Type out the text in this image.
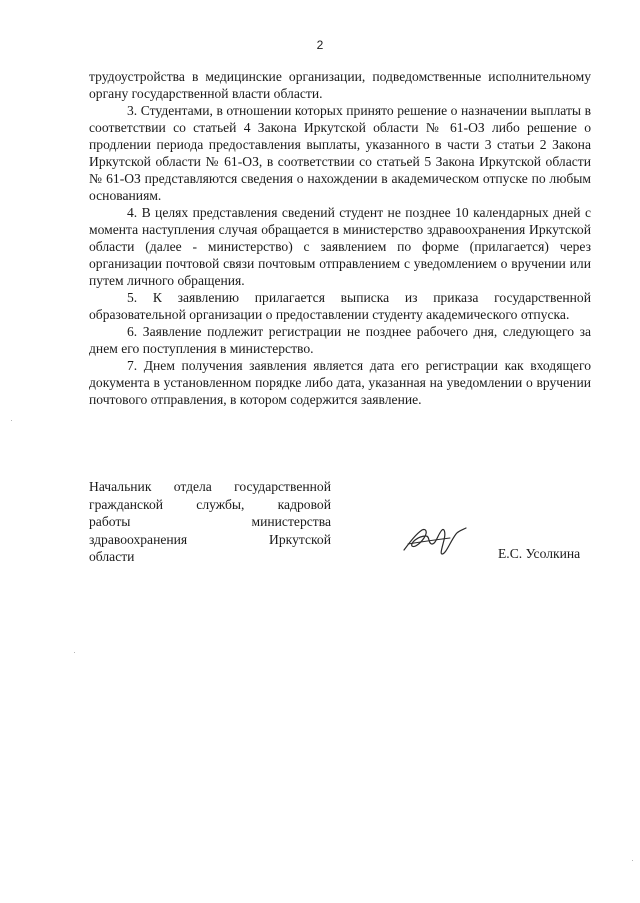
2

трудоустройства в медицинские организации, подведомственные исполнительному органу государственной власти области.

3. Студентами, в отношении которых принято решение о назначении выплаты в соответствии со статьей 4 Закона Иркутской области № 61-ОЗ либо решение о продлении периода предоставления выплаты, указанного в части 3 статьи 2 Закона Иркутской области № 61-ОЗ, в соответствии со статьей 5 Закона Иркутской области № 61-ОЗ представляются сведения о нахождении в академическом отпуске по любым основаниям.

4. В целях представления сведений студент не позднее 10 календарных дней с момента наступления случая обращается в министерство здравоохранения Иркутской области (далее - министерство) с заявлением по форме (прилагается) через организации почтовой связи почтовым отправлением с уведомлением о вручении или путем личного обращения.

5. К заявлению прилагается выписка из приказа государственной образовательной организации о предоставлении студенту академического отпуска.

6. Заявление подлежит регистрации не позднее рабочего дня, следующего за днем его поступления в министерство.

7. Днем получения заявления является дата его регистрации как входящего документа в установленном порядке либо дата, указанная на уведомлении о вручении почтового отправления, в котором содержится заявление.

Начальник отдела государственной
гражданской службы, кадровой
работы министерства
здравоохранения Иркутской
области	Е.С. Усолкина
